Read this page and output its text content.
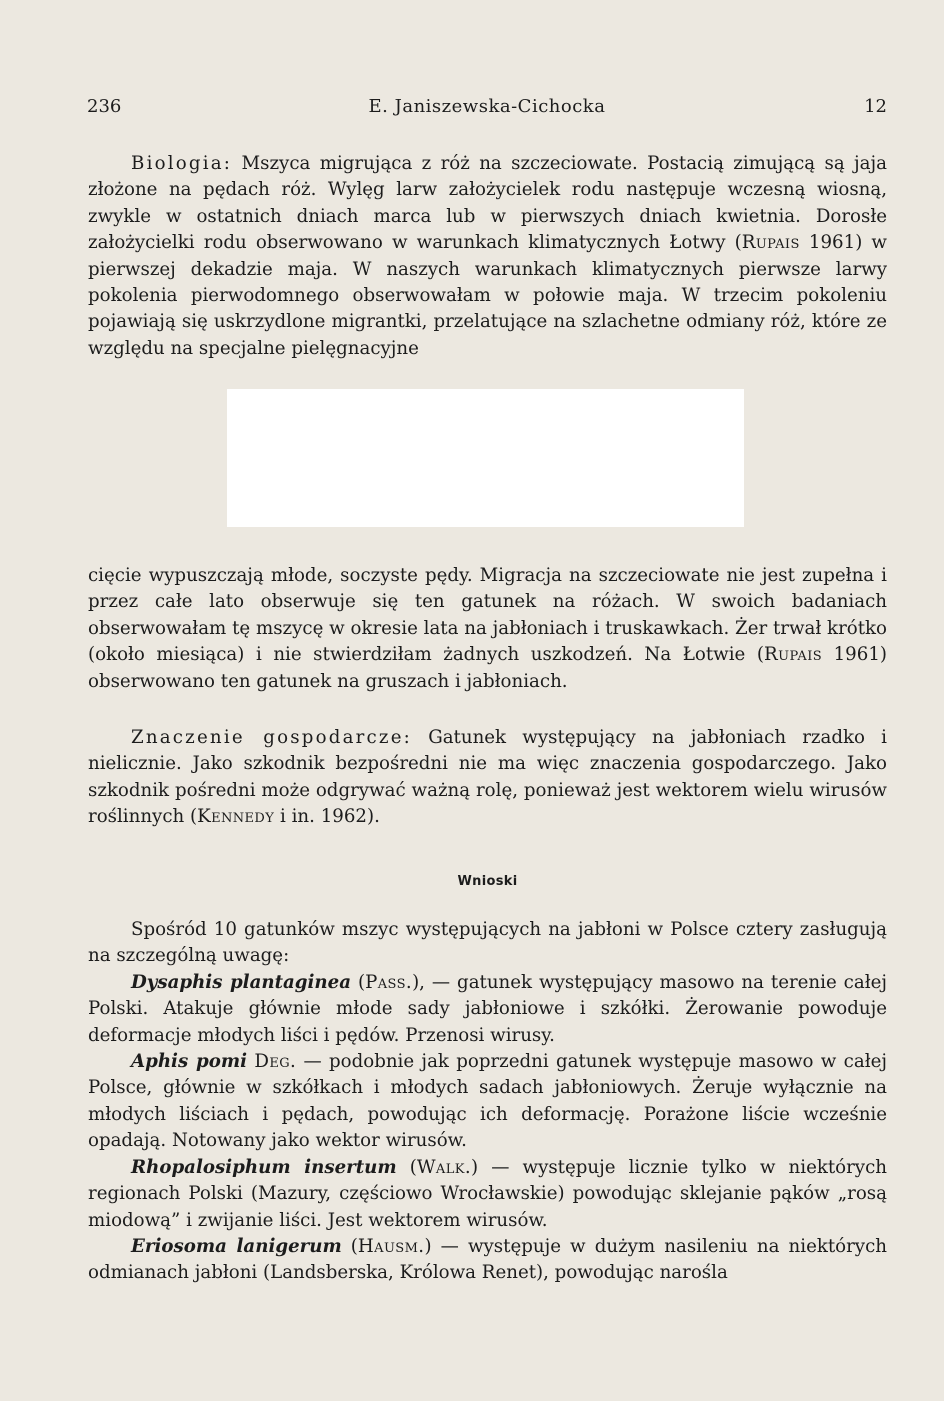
236	E. Janiszewska-Cichocka	12

Biologia: Mszyca migrująca z róż na szczeciowate. Postacią zimującą są jaja złożone na pędach róż. Wylęg larw założycielek rodu następuje wczesną wiosną, zwykle w ostatnich dniach marca lub w pierwszych dniach kwietnia. Dorosłe założycielki rodu obserwowano w warunkach klimatycznych Łotwy (Rupais 1961) w pierwszej dekadzie maja. W naszych warunkach klimatycznych pierwsze larwy pokolenia pierwodomnego obserwowałam w połowie maja. W trzecim pokoleniu pojawiają się uskrzydlone migrantki, przelatujące na szlachetne odmiany róż, które ze względu na specjalne pielęgnacyjne

cięcie wypuszczają młode, soczyste pędy. Migracja na szczeciowate nie jest zupełna i przez całe lato obserwuje się ten gatunek na różach. W swoich badaniach obserwowałam tę mszycę w okresie lata na jabłoniach i truskawkach. Żer trwał krótko (około miesiąca) i nie stwierdziłam żadnych uszkodzeń. Na Łotwie (Rupais 1961) obserwowano ten gatunek na gruszach i jabłoniach.

Znaczenie gospodarcze: Gatunek występujący na jabłoniach rzadko i nielicznie. Jako szkodnik bezpośredni nie ma więc znaczenia gospodarczego. Jako szkodnik pośredni może odgrywać ważną rolę, ponieważ jest wektorem wielu wirusów roślinnych (Kennedy i in. 1962).

Wnioski

Spośród 10 gatunków mszyc występujących na jabłoni w Polsce cztery zasługują na szczególną uwagę:

Dysaphis plantaginea (Pass.), — gatunek występujący masowo na terenie całej Polski. Atakuje głównie młode sady jabłoniowe i szkółki. Żerowanie powoduje deformacje młodych liści i pędów. Przenosi wirusy.

Aphis pomi Deg. — podobnie jak poprzedni gatunek występuje masowo w całej Polsce, głównie w szkółkach i młodych sadach jabłoniowych. Żeruje wyłącznie na młodych liściach i pędach, powodując ich deformację. Porażone liście wcześnie opadają. Notowany jako wektor wirusów.

Rhopalosiphum insertum (Walk.) — występuje licznie tylko w niektórych regionach Polski (Mazury, częściowo Wrocławskie) powodując sklejanie pąków „rosą miodową” i zwijanie liści. Jest wektorem wirusów.

Eriosoma lanigerum (Hausm.) — występuje w dużym nasileniu na niektórych odmianach jabłoni (Landsberska, Królowa Renet), powodując narośla
